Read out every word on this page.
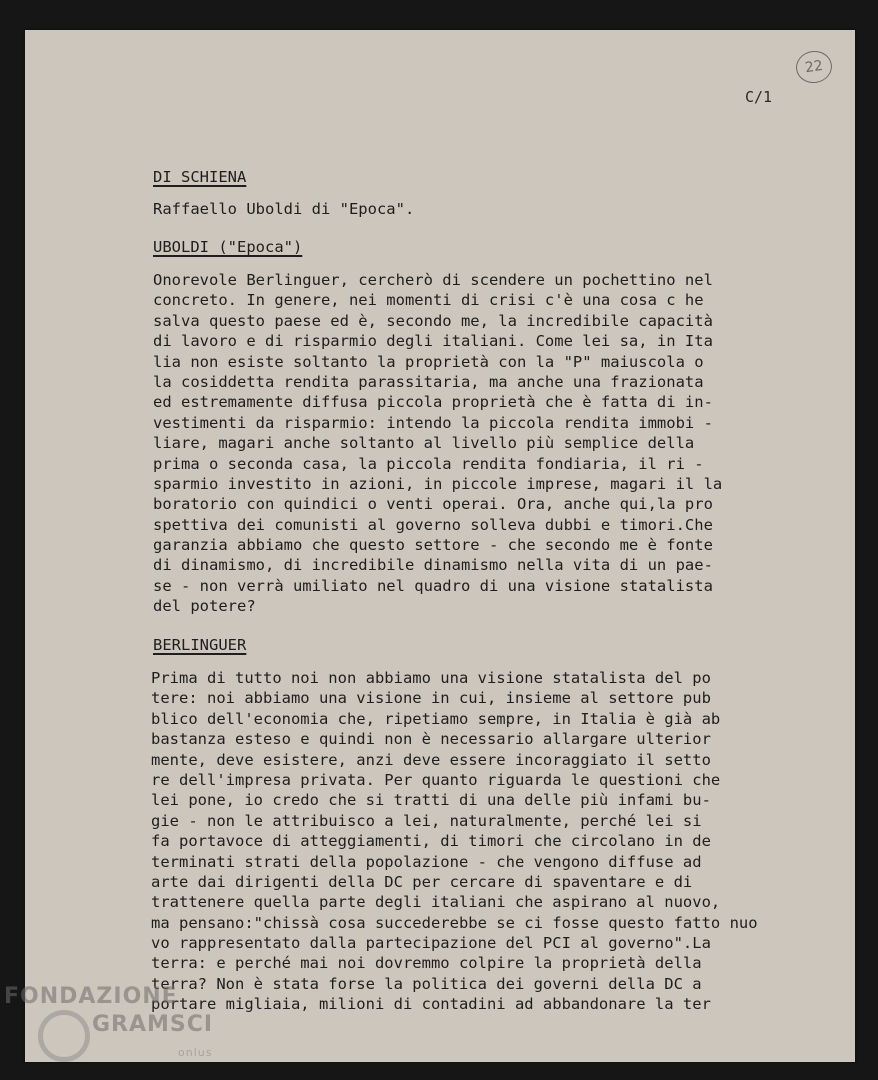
C/1
22
DI SCHIENA
Raffaello Uboldi di "Epoca".
UBOLDI ("Epoca")
Onorevole Berlinguer, cercherò di scendere un pochettino nel
concreto. In genere, nei momenti di crisi c'è una cosa c he
salva questo paese ed è, secondo me, la incredibile capacità
di lavoro e di risparmio degli italiani. Come lei sa, in Ita
lia non esiste soltanto la proprietà con la "P" maiuscola o
la cosiddetta rendita parassitaria, ma anche una frazionata
ed estremamente diffusa piccola proprietà che è fatta di in-
vestimenti da risparmio: intendo la piccola rendita immobi -
liare, magari anche soltanto al livello più semplice della
prima o seconda casa, la piccola rendita fondiaria, il ri -
sparmio investito in azioni, in piccole imprese, magari il la
boratorio con quindici o venti operai. Ora, anche qui,la pro
spettiva dei comunisti al governo solleva dubbi e timori.Che
garanzia abbiamo che questo settore - che secondo me è fonte
di dinamismo, di incredibile dinamismo nella vita di un pae-
se - non verrà umiliato nel quadro di una visione statalista
del potere?
BERLINGUER
Prima di tutto noi non abbiamo una visione statalista del po
tere: noi abbiamo una visione in cui, insieme al settore pub
blico dell'economia che, ripetiamo sempre, in Italia è già ab
bastanza esteso e quindi non è necessario allargare ulterior
mente, deve esistere, anzi deve essere incoraggiato il setto
re dell'impresa privata. Per quanto riguarda le questioni che
lei pone, io credo che si tratti di una delle più infami bu-
gie - non le attribuisco a lei, naturalmente, perché lei si
fa portavoce di atteggiamenti, di timori che circolano in de
terminati strati della popolazione - che vengono diffuse ad
arte dai dirigenti della DC per cercare di spaventare e di
trattenere quella parte degli italiani che aspirano al nuovo,
ma pensano:"chissà cosa succederebbe se ci fosse questo fatto nuo
vo rappresentato dalla partecipazione del PCI al governo".La
terra: e perché mai noi dovremmo colpire la proprietà della
terra? Non è stata forse la politica dei governi della DC a
portare migliaia, milioni di contadini ad abbandonare la ter
FONDAZIONE
GRAMSCI
onlus
